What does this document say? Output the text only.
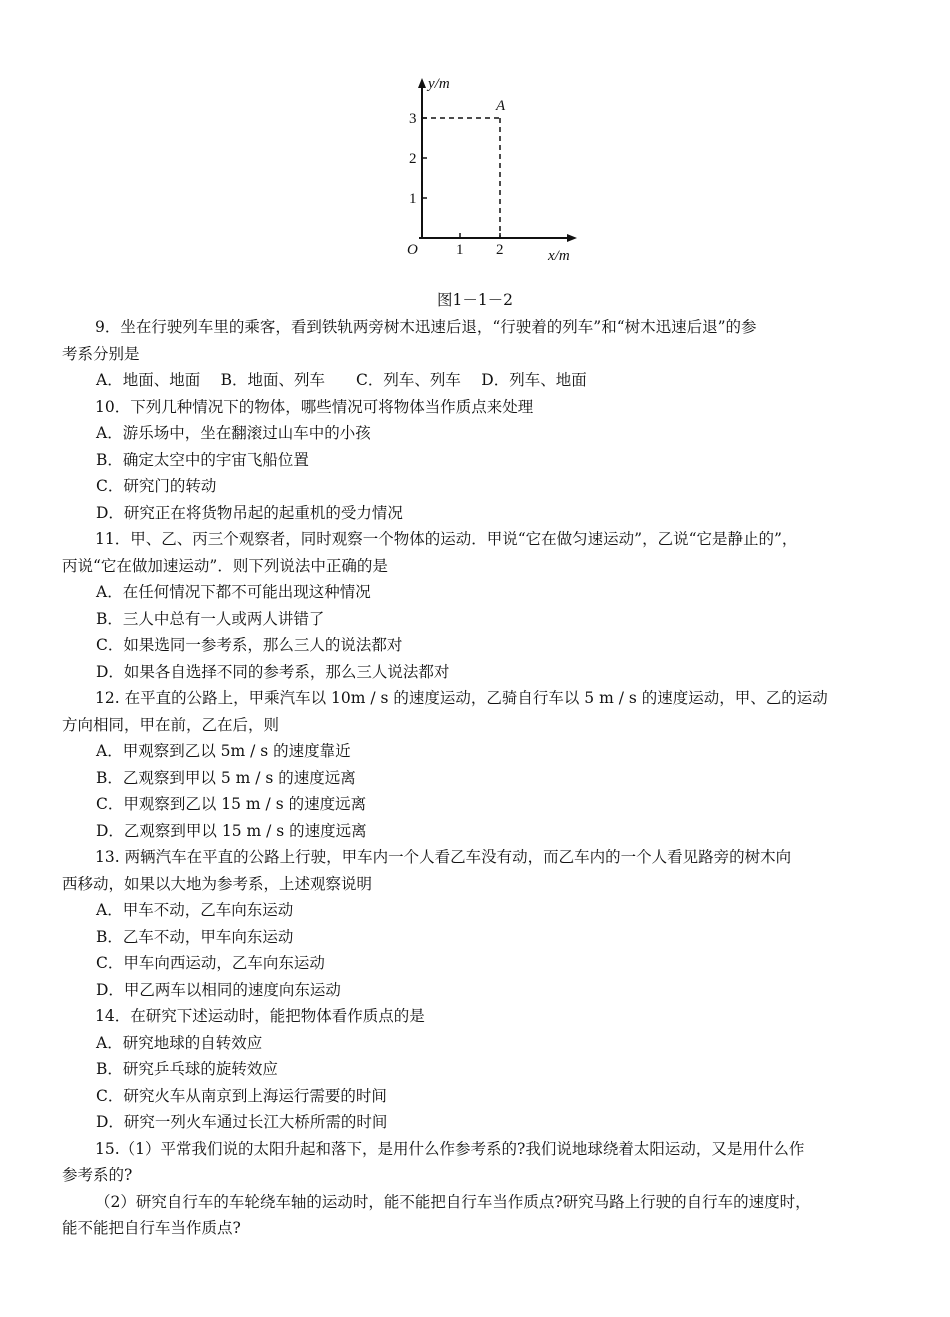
y/m
3
2
1
O	1 2	x/m
A
图1－1－2
9．坐在行驶列车里的乘客，看到铁轨两旁树木迅速后退，“行驶着的列车”和“树木迅速后退”的参
考系分别是
A．地面、地面　 B．地面、列车　　C．列车、列车　 D．列车、地面
10．下列几种情况下的物体，哪些情况可将物体当作质点来处理
A．游乐场中，坐在翻滚过山车中的小孩
B．确定太空中的宇宙飞船位置
C．研究门的转动
D．研究正在将货物吊起的起重机的受力情况
11．甲、乙、丙三个观察者，同时观察一个物体的运动．甲说“它在做匀速运动”，乙说“它是静止的”，
丙说“它在做加速运动”．则下列说法中正确的是
A．在任何情况下都不可能出现这种情况
B．三人中总有一人或两人讲错了
C．如果选同一参考系，那么三人的说法都对
D．如果各自选择不同的参考系，那么三人说法都对
12. 在平直的公路上，甲乘汽车以 10m / s 的速度运动，乙骑自行车以 5 m / s 的速度运动，甲、乙的运动
方向相同，甲在前，乙在后，则
A．甲观察到乙以 5m / s 的速度靠近
B．乙观察到甲以 5 m / s 的速度远离
C．甲观察到乙以 15 m / s 的速度远离
D．乙观察到甲以 15 m / s 的速度远离
13. 两辆汽车在平直的公路上行驶，甲车内一个人看乙车没有动，而乙车内的一个人看见路旁的树木向
西移动，如果以大地为参考系，上述观察说明
A．甲车不动，乙车向东运动
B．乙车不动，甲车向东运动
C．甲车向西运动，乙车向东运动
D．甲乙两车以相同的速度向东运动
14．在研究下述运动时，能把物体看作质点的是
A．研究地球的自转效应
B．研究乒乓球的旋转效应
C．研究火车从南京到上海运行需要的时间
D．研究一列火车通过长江大桥所需的时间
15.（1）平常我们说的太阳升起和落下，是用什么作参考系的?我们说地球绕着太阳运动，又是用什么作
参考系的?
（2）研究自行车的车轮绕车轴的运动时，能不能把自行车当作质点?研究马路上行驶的自行车的速度时，
能不能把自行车当作质点?
